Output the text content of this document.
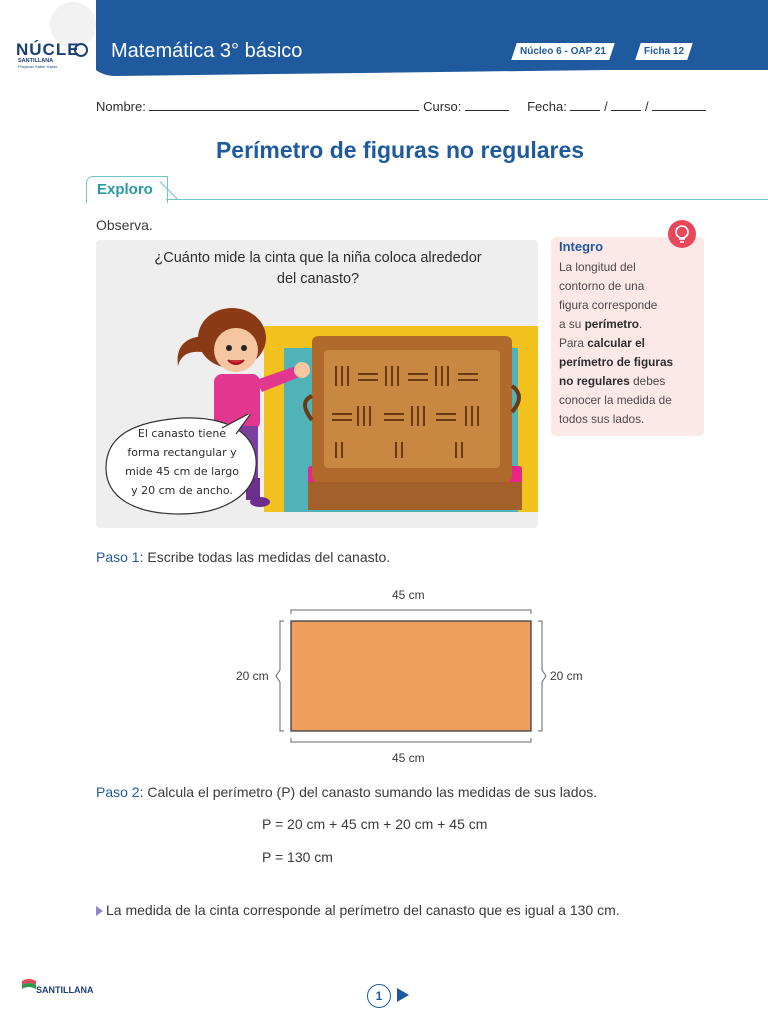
NÚCLE
SANTILLANA
Proyecto Saber Hacer
Matemática 3° básico	Núcleo 6 - OAP 21	Ficha 12
Nombre:	Curso:	Fecha:	/	/
Perímetro de figuras no regulares
Exploro
Observa.
¿Cuánto mide la cinta que la niña coloca alrededor
del canasto?
El canasto tiene
forma rectangular y
mide 45 cm de largo
y 20 cm de ancho.
Integro
La longitud del
contorno de una
figura corresponde
a su perímetro.
Para calcular el
perímetro de figuras
no regulares debes
conocer la medida de
todos sus lados.
Paso 1: Escribe todas las medidas del canasto.
45 cm
45 cm
20 cm	20 cm
Paso 2: Calcula el perímetro (P) del canasto sumando las medidas de sus lados.
P = 20 cm + 45 cm + 20 cm + 45 cm
P = 130 cm
La medida de la cinta corresponde al perímetro del canasto que es igual a 130 cm.
SANTILLANA	1
